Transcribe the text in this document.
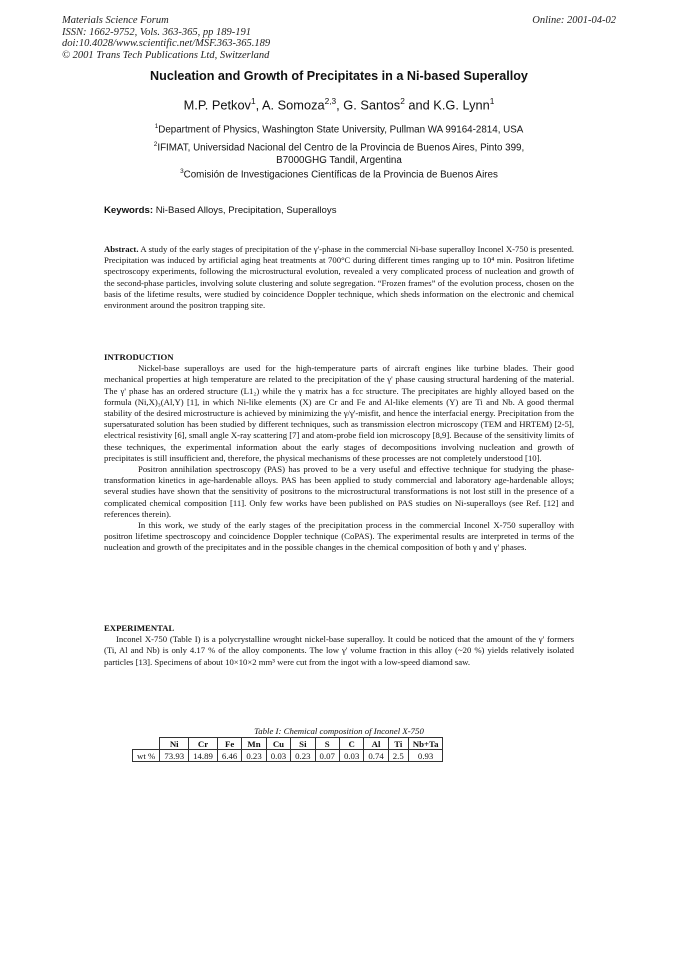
Materials Science Forum
ISSN: 1662-9752, Vols. 363-365, pp 189-191
doi:10.4028/www.scientific.net/MSF.363-365.189
© 2001 Trans Tech Publications Ltd, Switzerland
Online: 2001-04-02
Nucleation and Growth of Precipitates in a Ni-based Superalloy
M.P. Petkov$^1$, A. Somoza$^{2,3}$, G. Santos$^2$ and K.G. Lynn$^1$
$^1$Department of Physics, Washington State University, Pullman WA 99164-2814, USA
$^2$IFIMAT, Universidad Nacional del Centro de la Provincia de Buenos Aires, Pinto 399,
B7000GHG Tandil, Argentina
$^3$Comisión de Investigaciones Científicas de la Provincia de Buenos Aires
Keywords: Ni-Based Alloys, Precipitation, Superalloys

Abstract. A study of the early stages of precipitation of the γ'-phase in the commercial Ni-base superalloy Inconel X-750 is presented. Precipitation was induced by artificial aging heat treatments at 700°C during different times ranging up to 10⁴ min. Positron lifetime spectroscopy experiments, following the microstructural evolution, revealed a very complicated process of nucleation and growth of the second-phase particles, involving solute clustering and solute segregation. “Frozen frames” of the evolution process, chosen on the basis of the lifetime results, were studied by coincidence Doppler technique, which sheds information on the electronic and chemical environment around the positron trapping site.

INTRODUCTION

Nickel-base superalloys are used for the high-temperature parts of aircraft engines like turbine blades. Their good mechanical properties at high temperature are related to the precipitation of the γ' phase causing structural hardening of the material. The γ' phase has an ordered structure (L1₂) while the γ matrix has a fcc structure. The precipitates are highly alloyed based on the formula (Ni,X)₃(Al,Y) [1], in which Ni-like elements (X) are Cr and Fe and Al-like elements (Y) are Ti and Nb. A good thermal stability of the desired microstructure is achieved by minimizing the γ/γ'-misfit, and hence the interfacial energy. Precipitation from the supersaturated solution has been studied by different techniques, such as transmission electron microscopy (TEM and HRTEM) [2-5], electrical resistivity [6], small angle X-ray scattering [7] and atom-probe field ion microscopy [8,9]. Because of the sensitivity limits of these techniques, the experimental information about the early stages of decompositions involving nucleation and growth of precipitates is still insufficient and, therefore, the physical mechanisms of these processes are not completely understood [10].

Positron annihilation spectroscopy (PAS) has proved to be a very useful and effective technique for studying the phase-transformation kinetics in age-hardenable alloys. PAS has been applied to study commercial and laboratory age-hardenable alloys; several studies have shown that the sensitivity of positrons to the microstructural transformations is not lost still in the presence of a complicated chemical composition [11]. Only few works have been published on PAS studies on Ni-superalloys (see Ref. [12] and references therein).

In this work, we study of the early stages of the precipitation process in the commercial Inconel X-750 superalloy with positron lifetime spectroscopy and coincidence Doppler technique (CoPAS). The experimental results are interpreted in terms of the nucleation and growth of the precipitates and in the possible changes in the chemical composition of both γ and γ' phases.

EXPERIMENTAL

Inconel X-750 (Table I) is a polycrystalline wrought nickel-base superalloy. It could be noticed that the amount of the γ' formers (Ti, Al and Nb) is only 4.17 % of the alloy components. The low γ' volume fraction in this alloy (~20 %) yields relatively isolated particles [13]. Specimens of about 10×10×2 mm³ were cut from the ingot with a low-speed diamond saw.

Table I: Chemical composition of Inconel X-750
	Ni	Cr	Fe	Mn	Cu	Si	S	C	Al	Ti	Nb+Ta
wt %	73.93	14.89	6.46	0.23	0.03	0.23	0.07	0.03	0.74	2.5	0.93
